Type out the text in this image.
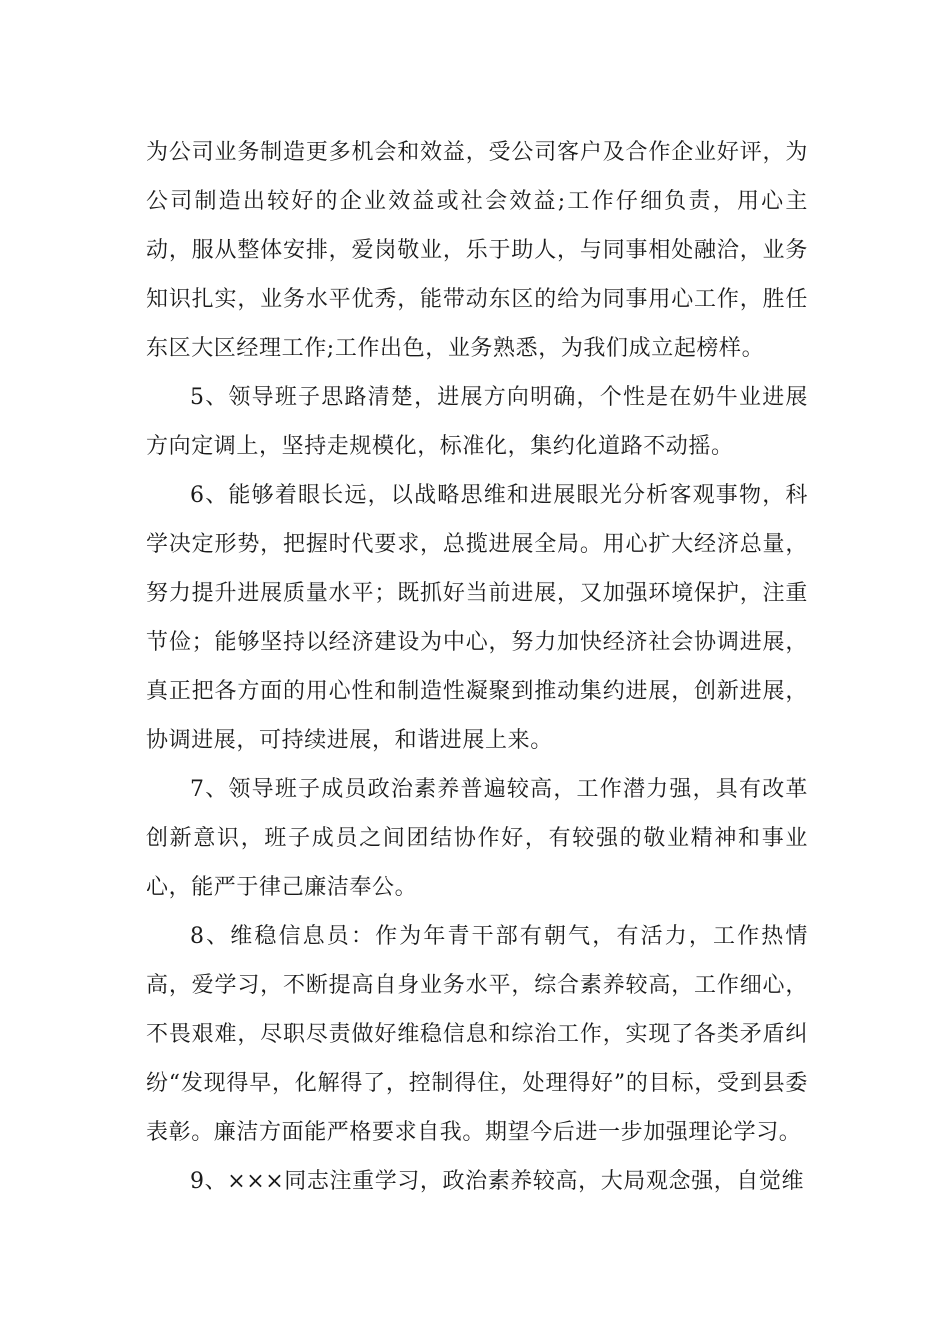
为公司业务制造更多机会和效益，受公司客户及合作企业好评，为公司制造出较好的企业效益或社会效益;工作仔细负责，用心主动，服从整体安排，爱岗敬业，乐于助人，与同事相处融洽，业务知识扎实，业务水平优秀，能带动东区的给为同事用心工作，胜任东区大区经理工作;工作出色，业务熟悉，为我们成立起榜样。

5、领导班子思路清楚，进展方向明确，个性是在奶牛业进展方向定调上，坚持走规模化，标准化，集约化道路不动摇。

6、能够着眼长远，以战略思维和进展眼光分析客观事物，科学决定形势，把握时代要求，总揽进展全局。用心扩大经济总量，努力提升进展质量水平；既抓好当前进展，又加强环境保护，注重节俭；能够坚持以经济建设为中心，努力加快经济社会协调进展，真正把各方面的用心性和制造性凝聚到推动集约进展，创新进展，协调进展，可持续进展，和谐进展上来。

7、领导班子成员政治素养普遍较高，工作潜力强，具有改革创新意识，班子成员之间团结协作好，有较强的敬业精神和事业心，能严于律己廉洁奉公。

8、维稳信息员：作为年青干部有朝气，有活力，工作热情高，爱学习，不断提高自身业务水平，综合素养较高，工作细心，不畏艰难，尽职尽责做好维稳信息和综治工作，实现了各类矛盾纠纷“发现得早，化解得了，控制得住，处理得好”的目标，受到县委表彰。廉洁方面能严格要求自我。期望今后进一步加强理论学习。

9、×××同志注重学习，政治素养较高，大局观念强，自觉维
